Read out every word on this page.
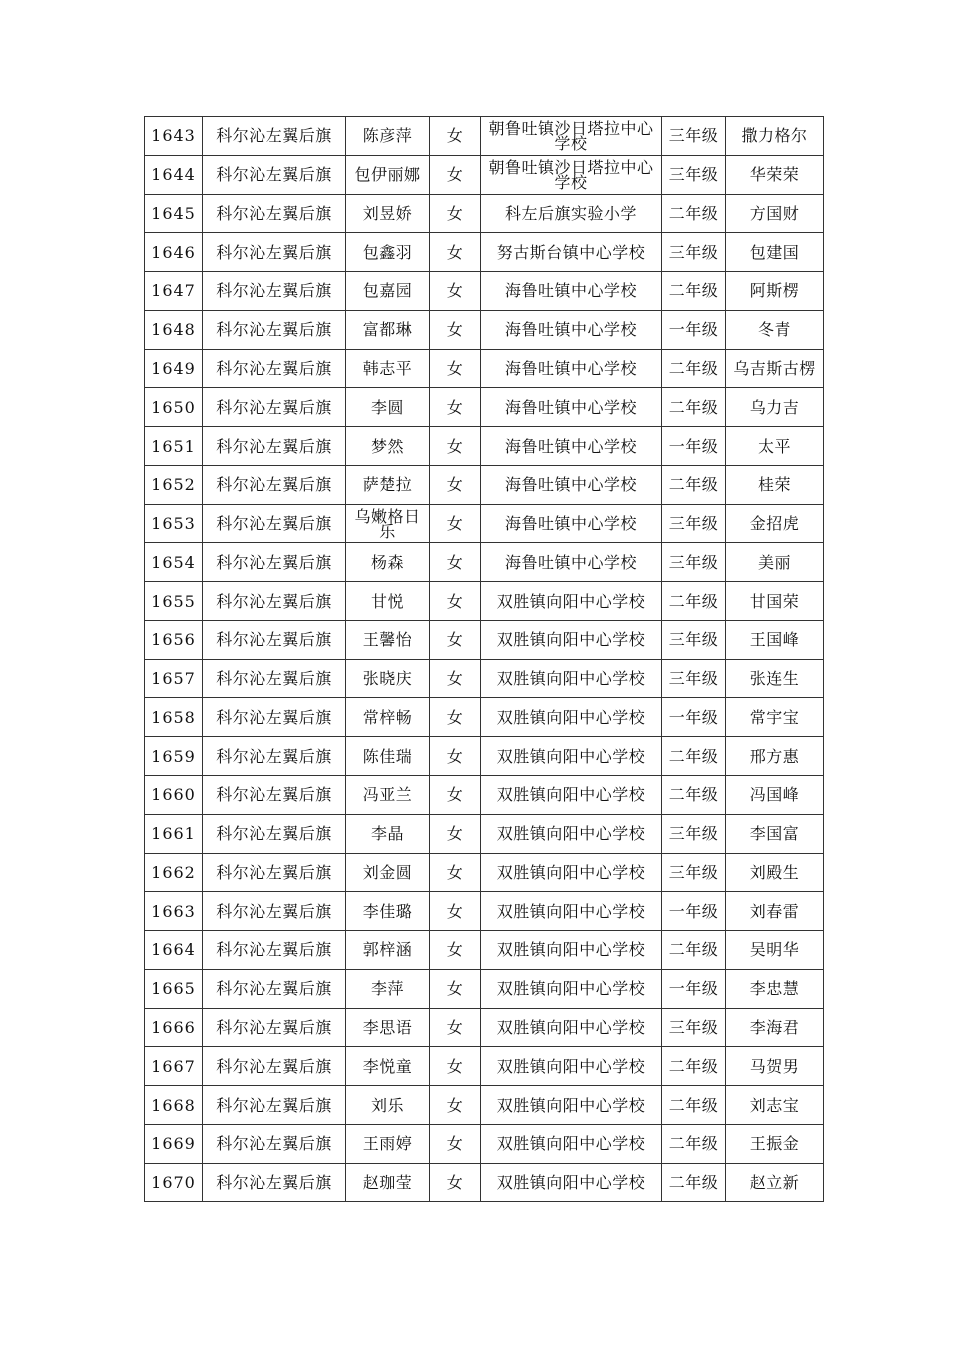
1643	科尔沁左翼后旗	陈彦萍	女	朝鲁吐镇沙日塔拉中心学校	三年级	撒力格尔
1644	科尔沁左翼后旗	包伊丽娜	女	朝鲁吐镇沙日塔拉中心学校	三年级	华荣荣
1645	科尔沁左翼后旗	刘昱娇	女	科左后旗实验小学	二年级	方国财
1646	科尔沁左翼后旗	包鑫羽	女	努古斯台镇中心学校	三年级	包建国
1647	科尔沁左翼后旗	包嘉园	女	海鲁吐镇中心学校	二年级	阿斯楞
1648	科尔沁左翼后旗	富都琳	女	海鲁吐镇中心学校	一年级	冬青
1649	科尔沁左翼后旗	韩志平	女	海鲁吐镇中心学校	二年级	乌吉斯古楞
1650	科尔沁左翼后旗	李圆	女	海鲁吐镇中心学校	二年级	乌力吉
1651	科尔沁左翼后旗	梦然	女	海鲁吐镇中心学校	一年级	太平
1652	科尔沁左翼后旗	萨楚拉	女	海鲁吐镇中心学校	二年级	桂荣
1653	科尔沁左翼后旗	乌嫩格日乐	女	海鲁吐镇中心学校	三年级	金招虎
1654	科尔沁左翼后旗	杨森	女	海鲁吐镇中心学校	三年级	美丽
1655	科尔沁左翼后旗	甘悦	女	双胜镇向阳中心学校	二年级	甘国荣
1656	科尔沁左翼后旗	王馨怡	女	双胜镇向阳中心学校	三年级	王国峰
1657	科尔沁左翼后旗	张晓庆	女	双胜镇向阳中心学校	三年级	张连生
1658	科尔沁左翼后旗	常梓畅	女	双胜镇向阳中心学校	一年级	常宇宝
1659	科尔沁左翼后旗	陈佳瑞	女	双胜镇向阳中心学校	二年级	邢方惠
1660	科尔沁左翼后旗	冯亚兰	女	双胜镇向阳中心学校	二年级	冯国峰
1661	科尔沁左翼后旗	李晶	女	双胜镇向阳中心学校	三年级	李国富
1662	科尔沁左翼后旗	刘金圆	女	双胜镇向阳中心学校	三年级	刘殿生
1663	科尔沁左翼后旗	李佳璐	女	双胜镇向阳中心学校	一年级	刘春雷
1664	科尔沁左翼后旗	郭梓涵	女	双胜镇向阳中心学校	二年级	吴明华
1665	科尔沁左翼后旗	李萍	女	双胜镇向阳中心学校	一年级	李忠慧
1666	科尔沁左翼后旗	李思语	女	双胜镇向阳中心学校	三年级	李海君
1667	科尔沁左翼后旗	李悦童	女	双胜镇向阳中心学校	二年级	马贺男
1668	科尔沁左翼后旗	刘乐	女	双胜镇向阳中心学校	二年级	刘志宝
1669	科尔沁左翼后旗	王雨婷	女	双胜镇向阳中心学校	二年级	王振金
1670	科尔沁左翼后旗	赵珈莹	女	双胜镇向阳中心学校	二年级	赵立新
